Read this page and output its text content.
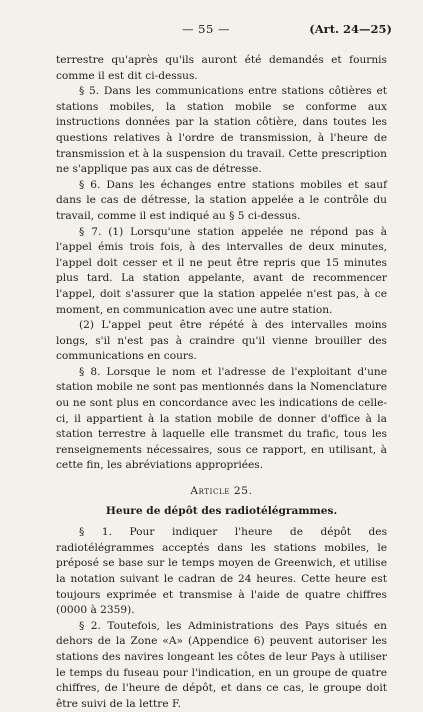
— 55 —	(Art. 24—25)

terrestre qu'après qu'ils auront été demandés et fournis comme il est dit ci-dessus.

§ 5. Dans les communications entre stations côtières et stations mobiles, la station mobile se conforme aux instructions données par la station côtière, dans toutes les questions relatives à l'ordre de transmission, à l'heure de transmission et à la suspension du travail. Cette prescription ne s'applique pas aux cas de détresse.

§ 6. Dans les échanges entre stations mobiles et sauf dans le cas de détresse, la station appelée a le contrôle du travail, comme il est indiqué au § 5 ci-dessus.

§ 7. (1) Lorsqu'une station appelée ne répond pas à l'appel émis trois fois, à des intervalles de deux minutes, l'appel doit cesser et il ne peut être repris que 15 minutes plus tard. La station appelante, avant de recommencer l'appel, doit s'assurer que la station appelée n'est pas, à ce moment, en communication avec une autre station.

(2) L'appel peut être répété à des intervalles moins longs, s'il n'est pas à craindre qu'il vienne brouiller des communications en cours.

§ 8. Lorsque le nom et l'adresse de l'exploitant d'une station mobile ne sont pas mentionnés dans la Nomenclature ou ne sont plus en concordance avec les indications de celle-ci, il appartient à la station mobile de donner d'office à la station terrestre à laquelle elle transmet du trafic, tous les renseignements nécessaires, sous ce rapport, en utilisant, à cette fin, les abréviations appropriées.

Article 25.
Heure de dépôt des radiotélégrammes.

§ 1. Pour indiquer l'heure de dépôt des radiotélégrammes acceptés dans les stations mobiles, le préposé se base sur le temps moyen de Greenwich, et utilise la notation suivant le cadran de 24 heures. Cette heure est toujours exprimée et transmise à l'aide de quatre chiffres (0000 à 2359).

§ 2. Toutefois, les Administrations des Pays situés en dehors de la Zone «A» (Appendice 6) peuvent autoriser les stations des navires longeant les côtes de leur Pays à utiliser le temps du fuseau pour l'indication, en un groupe de quatre chiffres, de l'heure de dépôt, et dans ce cas, le groupe doit être suivi de la lettre F.
